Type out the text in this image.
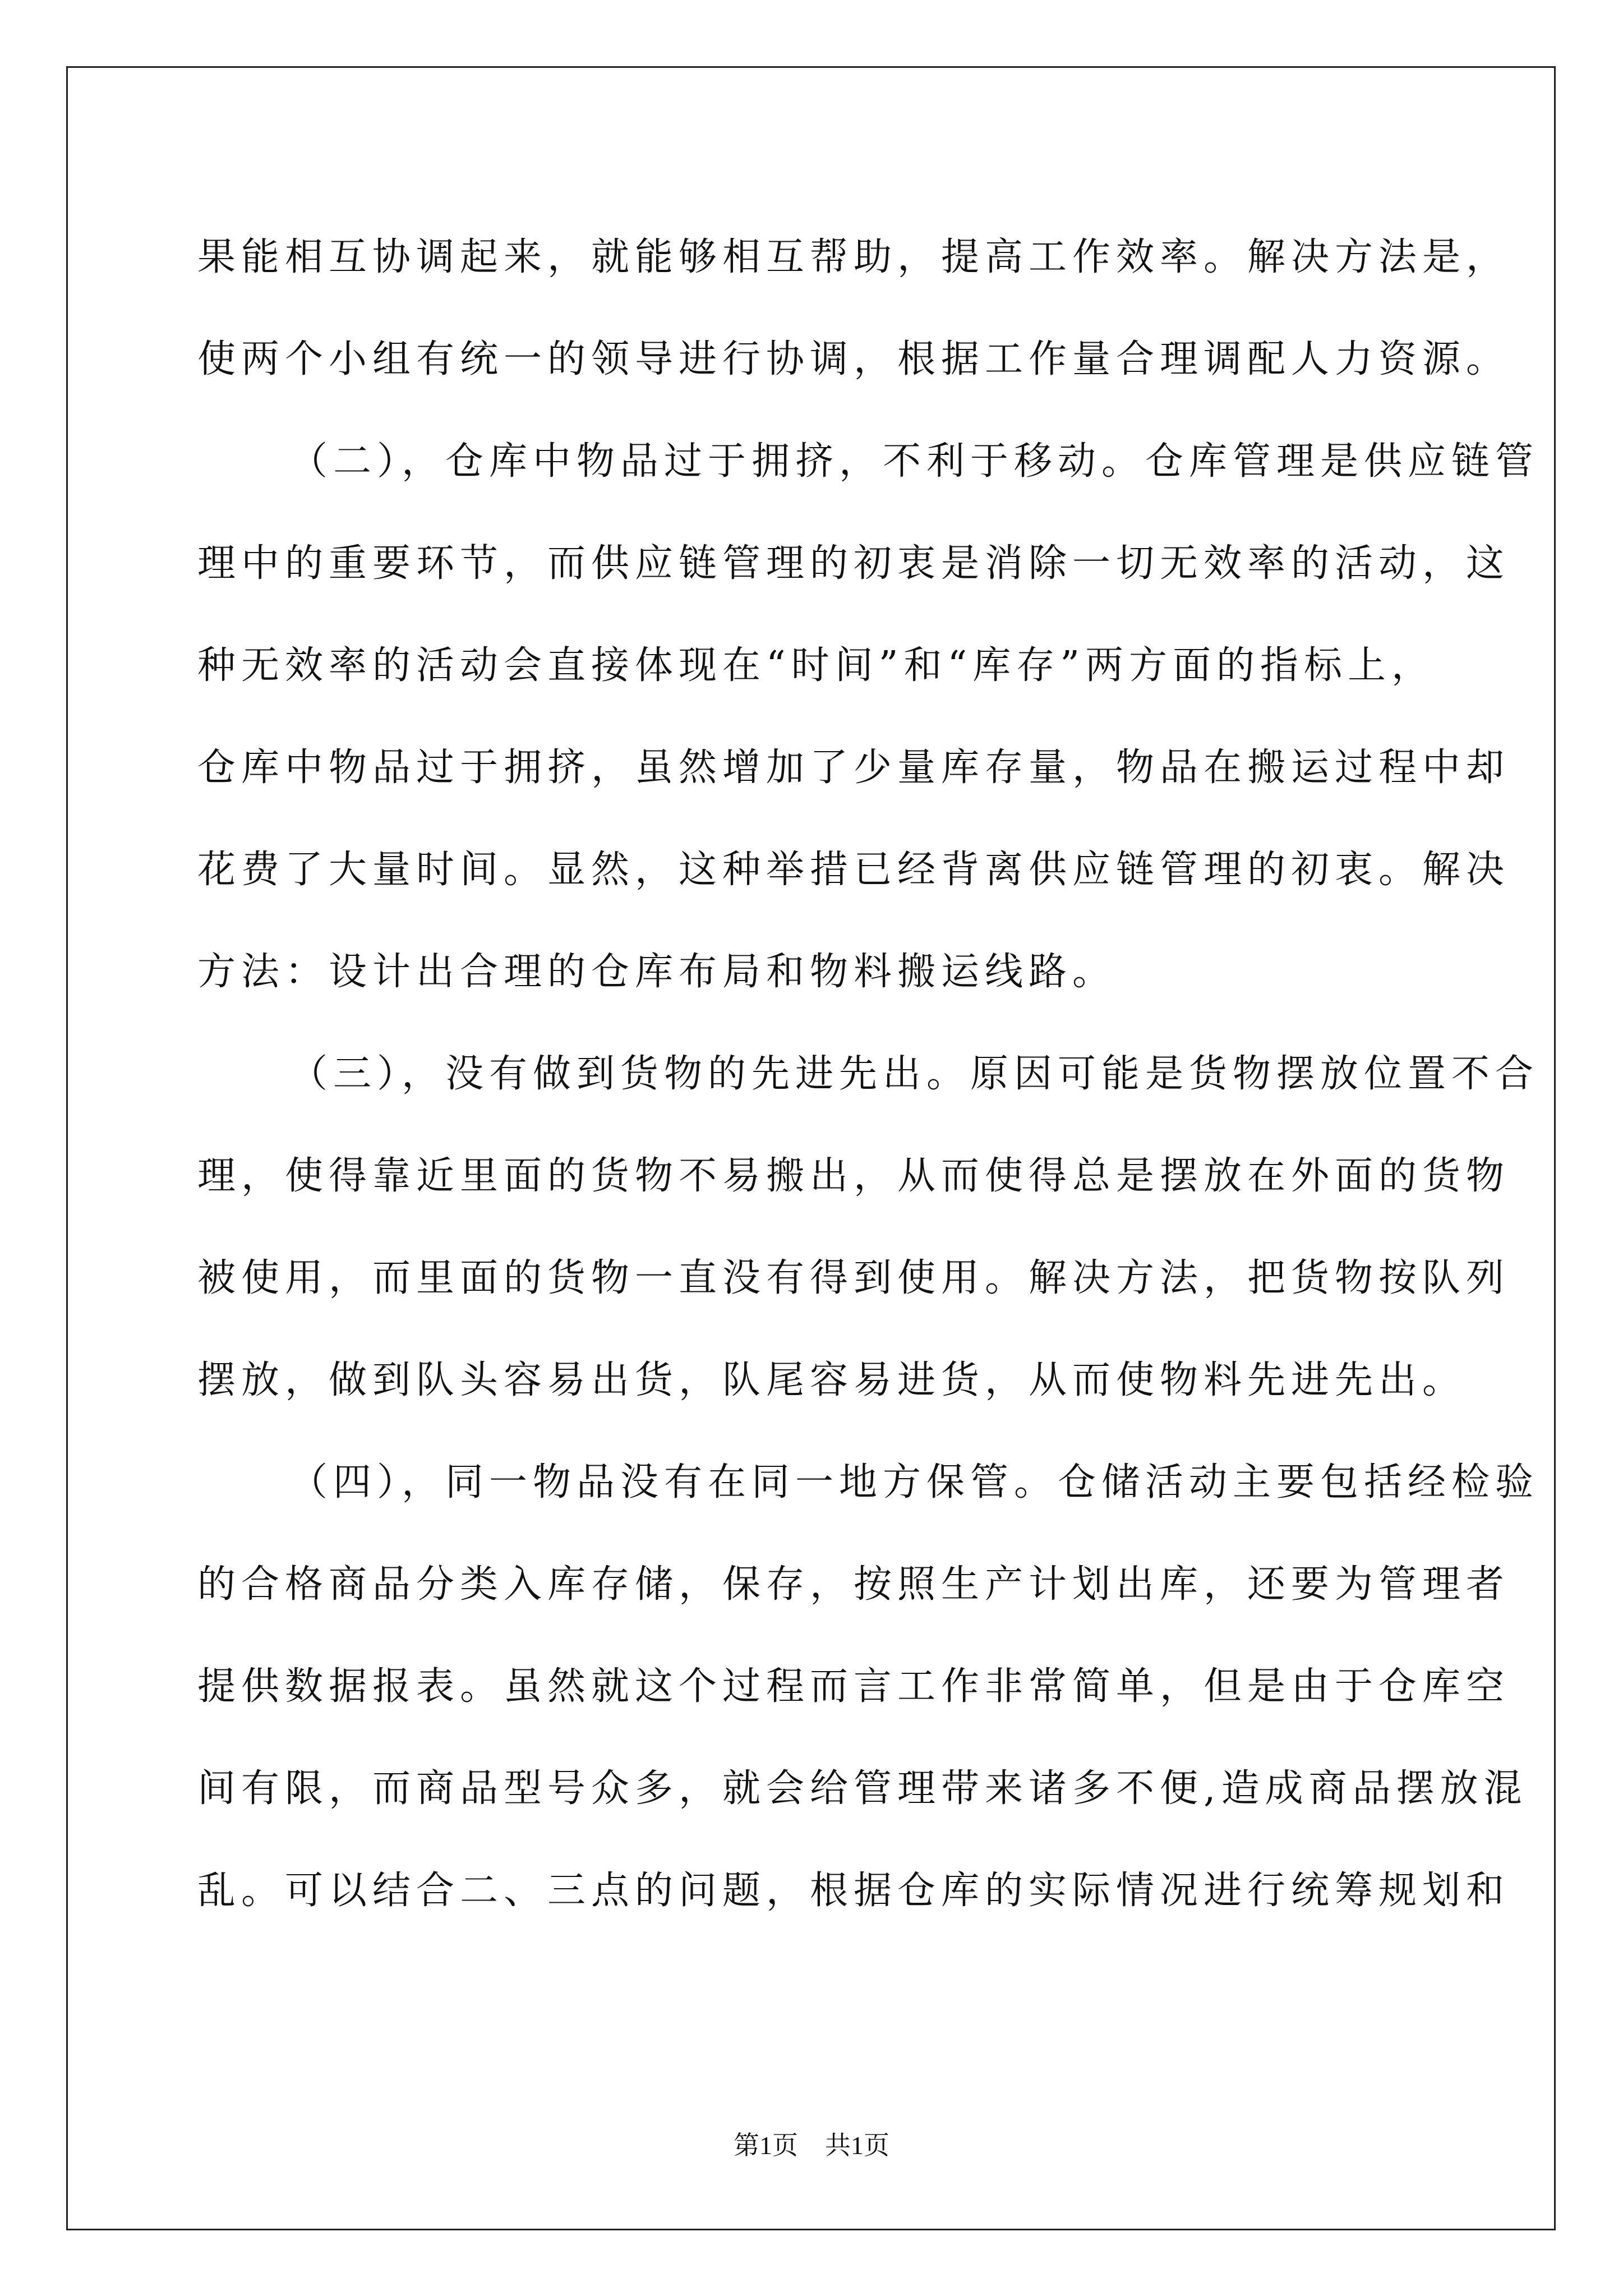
果能相互协调起来，就能够相互帮助，提高工作效率。解决方法是，
使两个小组有统一的领导进行协调，根据工作量合理调配人力资源。
（二），仓库中物品过于拥挤，不利于移动。仓库管理是供应链管
理中的重要环节，而供应链管理的初衷是消除一切无效率的活动，这
种无效率的活动会直接体现在“时间”和“库存”两方面的指标上，
仓库中物品过于拥挤，虽然增加了少量库存量，物品在搬运过程中却
花费了大量时间。显然，这种举措已经背离供应链管理的初衷。解决
方法：设计出合理的仓库布局和物料搬运线路。
（三），没有做到货物的先进先出。原因可能是货物摆放位置不合
理，使得靠近里面的货物不易搬出，从而使得总是摆放在外面的货物
被使用，而里面的货物一直没有得到使用。解决方法，把货物按队列
摆放，做到队头容易出货，队尾容易进货，从而使物料先进先出。
（四），同一物品没有在同一地方保管。仓储活动主要包括经检验
的合格商品分类入库存储，保存，按照生产计划出库，还要为管理者
提供数据报表。虽然就这个过程而言工作非常简单，但是由于仓库空
间有限，而商品型号众多，就会给管理带来诸多不便,造成商品摆放混
乱。可以结合二、三点的问题，根据仓库的实际情况进行统筹规划和
第1页 共1页
